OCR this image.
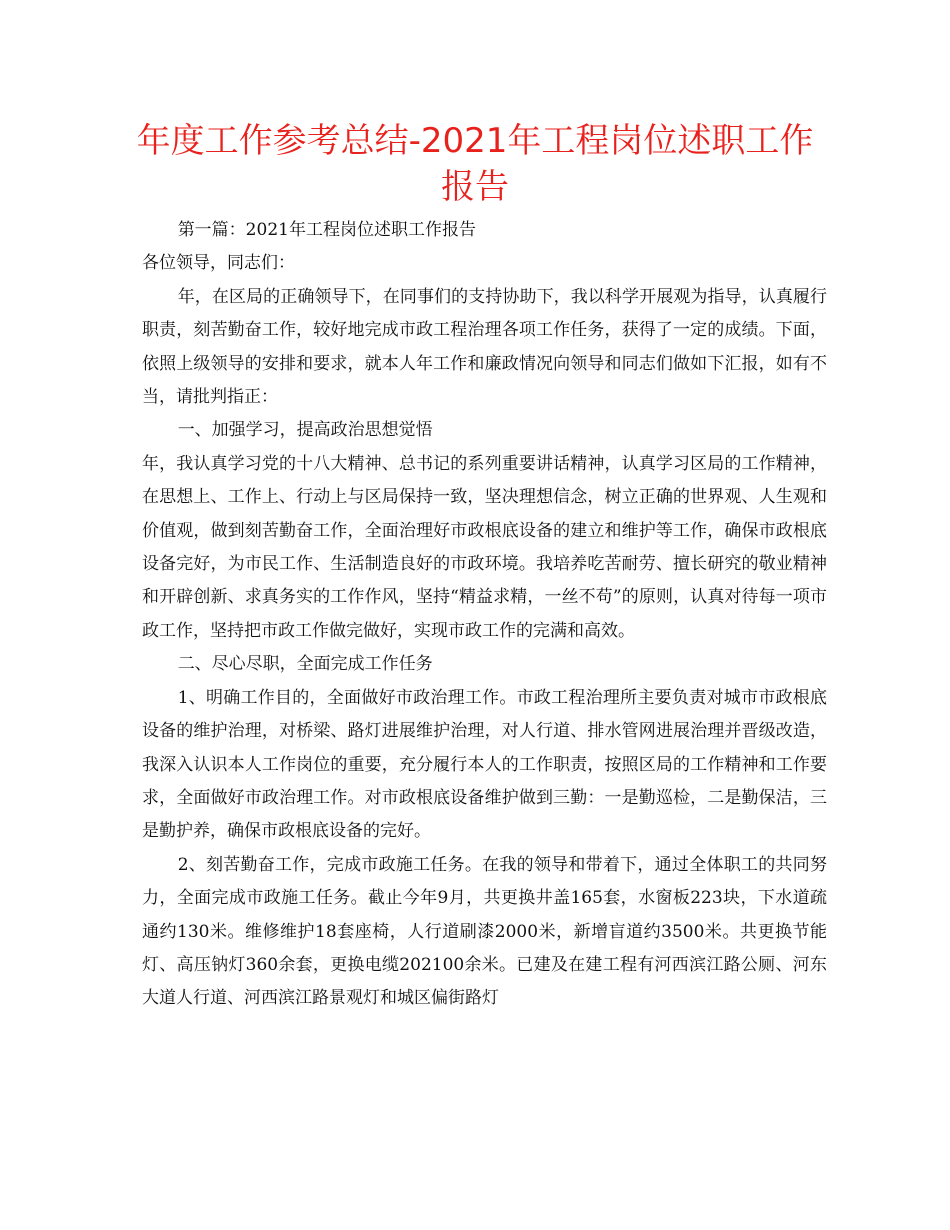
年度工作参考总结-2021年工程岗位述职工作报告

第一篇：2021年工程岗位述职工作报告

各位领导，同志们：

年，在区局的正确领导下，在同事们的支持协助下，我以科学开展观为指导，认真履行职责，刻苦勤奋工作，较好地完成市政工程治理各项工作任务，获得了一定的成绩。下面，依照上级领导的安排和要求，就本人年工作和廉政情况向领导和同志们做如下汇报，如有不当，请批判指正：

一、加强学习，提高政治思想觉悟

年，我认真学习党的十八大精神、总书记的系列重要讲话精神，认真学习区局的工作精神，在思想上、工作上、行动上与区局保持一致，坚决理想信念，树立正确的世界观、人生观和价值观，做到刻苦勤奋工作，全面治理好市政根底设备的建立和维护等工作，确保市政根底设备完好，为市民工作、生活制造良好的市政环境。我培养吃苦耐劳、擅长研究的敬业精神和开辟创新、求真务实的工作作风，坚持“精益求精，一丝不苟”的原则，认真对待每一项市政工作，坚持把市政工作做完做好，实现市政工作的完满和高效。

二、尽心尽职，全面完成工作任务

1、明确工作目的，全面做好市政治理工作。市政工程治理所主要负责对城市市政根底设备的维护治理，对桥梁、路灯进展维护治理，对人行道、排水管网进展治理并晋级改造，我深入认识本人工作岗位的重要，充分履行本人的工作职责，按照区局的工作精神和工作要求，全面做好市政治理工作。对市政根底设备维护做到三勤：一是勤巡检，二是勤保洁，三是勤护养，确保市政根底设备的完好。

2、刻苦勤奋工作，完成市政施工任务。在我的领导和带着下，通过全体职工的共同努力，全面完成市政施工任务。截止今年9月，共更换井盖165套，水窗板223块，下水道疏通约130米。维修维护18套座椅，人行道刷漆2000米，新增盲道约3500米。共更换节能灯、高压钠灯360余套，更换电缆202100余米。已建及在建工程有河西滨江路公厕、河东大道人行道、河西滨江路景观灯和城区偏街路灯
